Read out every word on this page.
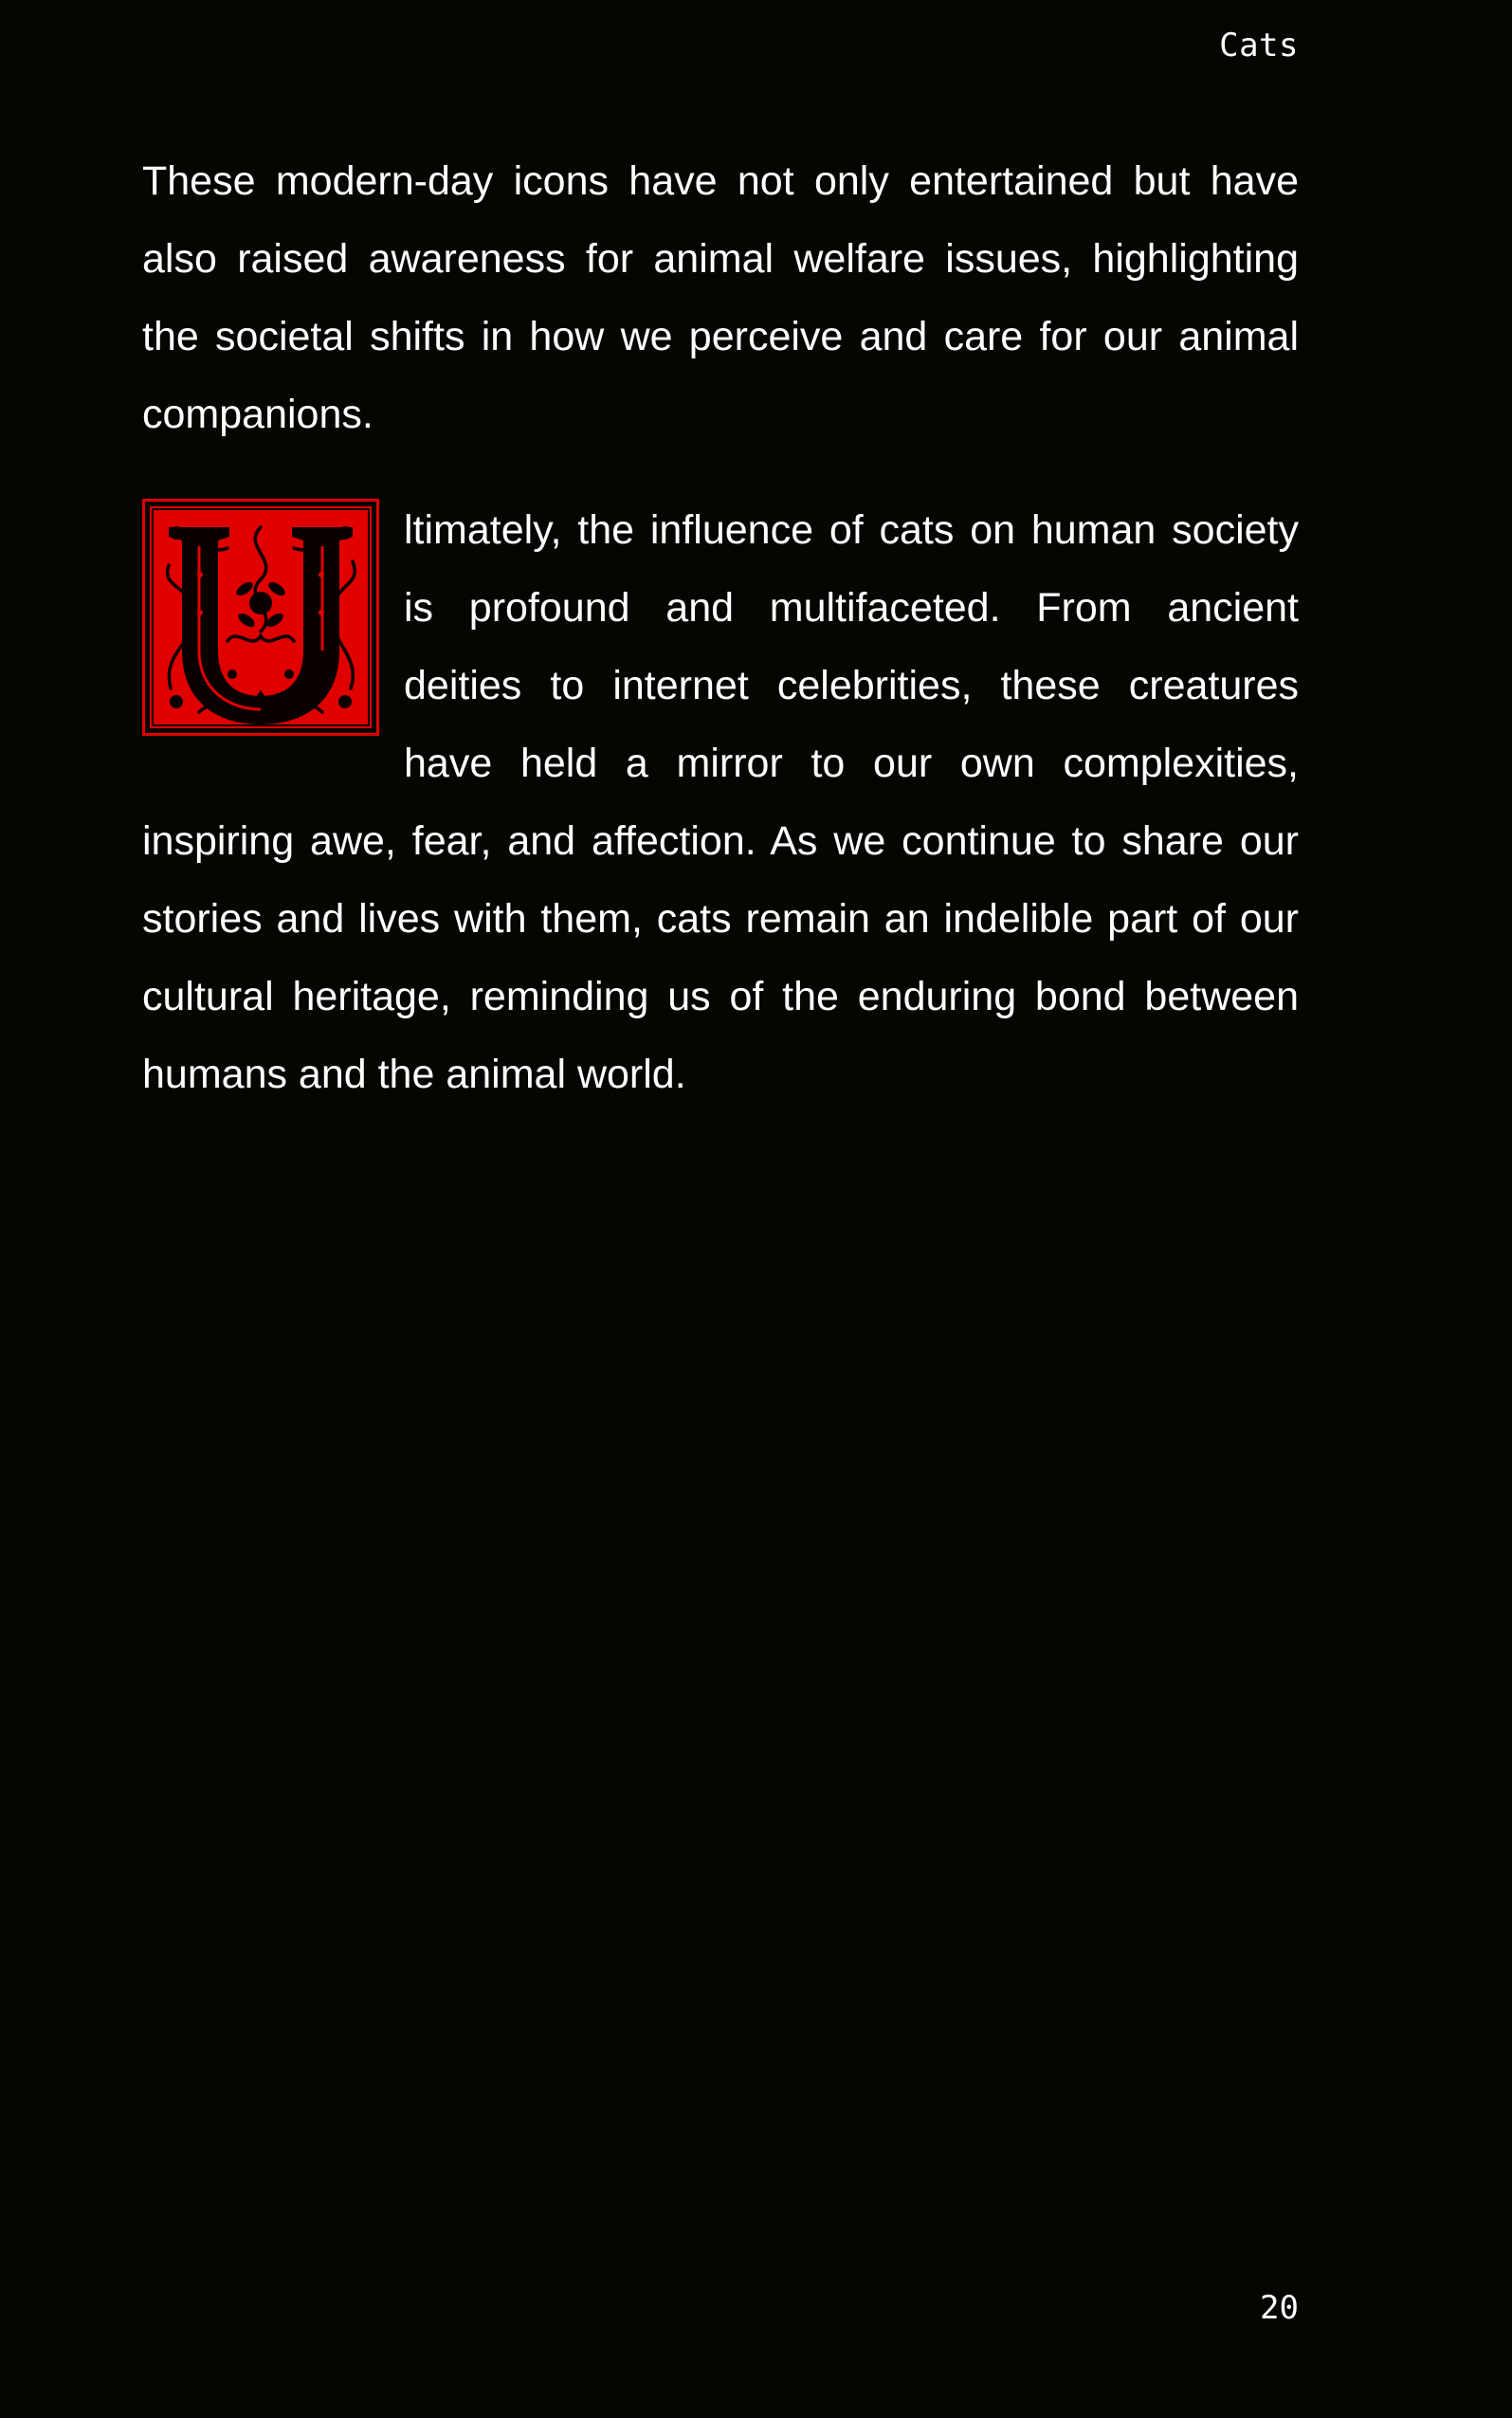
Cats

These modern-day icons have not only entertained but have also raised awareness for animal welfare issues, highlighting the societal shifts in how we perceive and care for our animal companions.

ltimately, the influence of cats on human society is profound and multifaceted. From ancient deities to internet celebrities, these creatures have held a mirror to our own complexities, inspiring awe, fear, and affection. As we continue to share our stories and lives with them, cats remain an indelible part of our cultural heritage, reminding us of the enduring bond between humans and the animal world.

20
